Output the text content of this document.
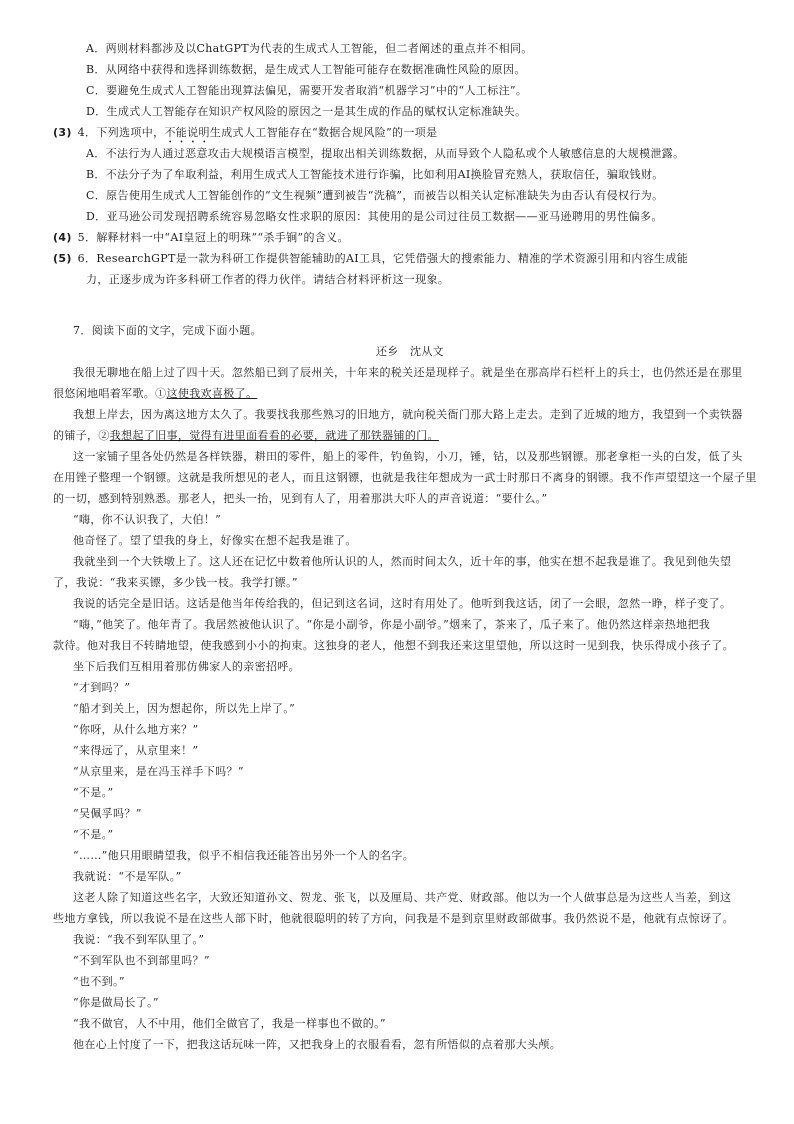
A．两则材料都涉及以ChatGPT为代表的生成式人工智能，但二者阐述的重点并不相同。
B．从网络中获得和选择训练数据，是生成式人工智能可能存在数据准确性风险的原因。
C．要避免生成式人工智能出现算法偏见，需要开发者取消“机器学习”中的“人工标注”。
D．生成式人工智能存在知识产权风险的原因之一是其生成的作品的赋权认定标准缺失。
(3) 4．下列选项中，不能说明生成式人工智能存在“数据合规风险”的一项是
A．不法行为人通过恶意攻击大规模语言模型，提取出相关训练数据，从而导致个人隐私或个人敏感信息的大规模泄露。
B．不法分子为了牟取利益，利用生成式人工智能技术进行诈骗，比如利用AI换脸冒充熟人，获取信任，骗取钱财。
C．原告使用生成式人工智能创作的“文生视频”遭到被告“洗稿”，而被告以相关认定标准缺失为由否认有侵权行为。
D．亚马逊公司发现招聘系统容易忽略女性求职的原因：其使用的是公司过往员工数据——亚马逊聘用的男性偏多。
(4) 5．解释材料一中“AI皇冠上的明珠”“杀手锏”的含义。
(5) 6．ResearchGPT是一款为科研工作提供智能辅助的AI工具，它凭借强大的搜索能力、精准的学术资源引用和内容生成能
力，正逐步成为许多科研工作者的得力伙伴。请结合材料评析这一现象。
7．阅读下面的文字，完成下面小题。
还乡　沈从文
我很无聊地在船上过了四十天。忽然船已到了辰州关，十年来的税关还是现样子。就是坐在那高岸石栏杆上的兵士，也仍然还是在那里
很悠闲地唱着军歌。①这使我欢喜极了。
我想上岸去，因为离这地方太久了。我要找我那些熟习的旧地方，就向税关衙门那大路上走去。走到了近城的地方，我望到一个卖铁器
的铺子，②我想起了旧事，觉得有进里面看看的必要，就进了那铁器铺的门。
这一家铺子里各处仍然是各样铁器，耕田的零件，船上的零件，钓鱼钩，小刀，锤，钻，以及那些钢镖。那老拿柜一头的白发，低了头
在用锉子整理一个钢镖。这就是我所想见的老人，而且这钢镖，也就是我往年想成为一武士时那日不离身的钢镖。我不作声望望这一个屋子里
的一切，感到特别熟悉。那老人，把头一抬，见到有人了，用着那洪大吓人的声音说道：“要什么。”
“嗨，你不认识我了，大伯！”
他奇怪了。望了望我的身上，好像实在想不起我是谁了。
我就坐到一个大铁墩上了。这人还在记忆中数着他所认识的人，然而时间太久，近十年的事，他实在想不起我是谁了。我见到他失望
了，我说：“我来买镖，多少钱一枝。我学打镖。”
我说的话完全是旧话。这话是他当年传给我的，但记到这名词，这时有用处了。他听到我这话，闭了一会眼，忽然一睁，样子变了。
“嗨，”他笑了。他年青了。我居然被他认识了。“你是小副爷，你是小副爷。”烟来了，茶来了，瓜子来了。他仍然这样亲热地把我
款待。他对我目不转睛地望，使我感到小小的拘束。这独身的老人，他想不到我还来这里望他，所以这时一见到我，快乐得成小孩子了。
坐下后我们互相用着那仿佛家人的亲密招呼。
“才到吗？”
“船才到关上，因为想起你，所以先上岸了。”
“你呀，从什么地方来？”
“来得远了，从京里来！”
“从京里来，是在冯玉祥手下吗？”
“不是。”
“吴佩孚吗？”
“不是。”
“……”他只用眼睛望我，似乎不相信我还能答出另外一个人的名字。
我就说：“不是军队。”
这老人除了知道这些名字，大致还知道孙文、贺龙、张飞，以及厘局、共产党、财政部。他以为一个人做事总是为这些人当差，到这
些地方拿钱，所以我说不是在这些人部下时，他就很聪明的转了方向，问我是不是到京里财政部做事。我仍然说不是，他就有点惊讶了。
我说：“我不到军队里了。”
“不到军队也不到部里吗？”
“也不到。”
“你是做局长了。”
“我不做官，人不中用，他们全做官了，我是一样事也不做的。”
他在心上忖度了一下，把我这话玩味一阵，又把我身上的衣服看看，忽有所悟似的点着那大头颅。
